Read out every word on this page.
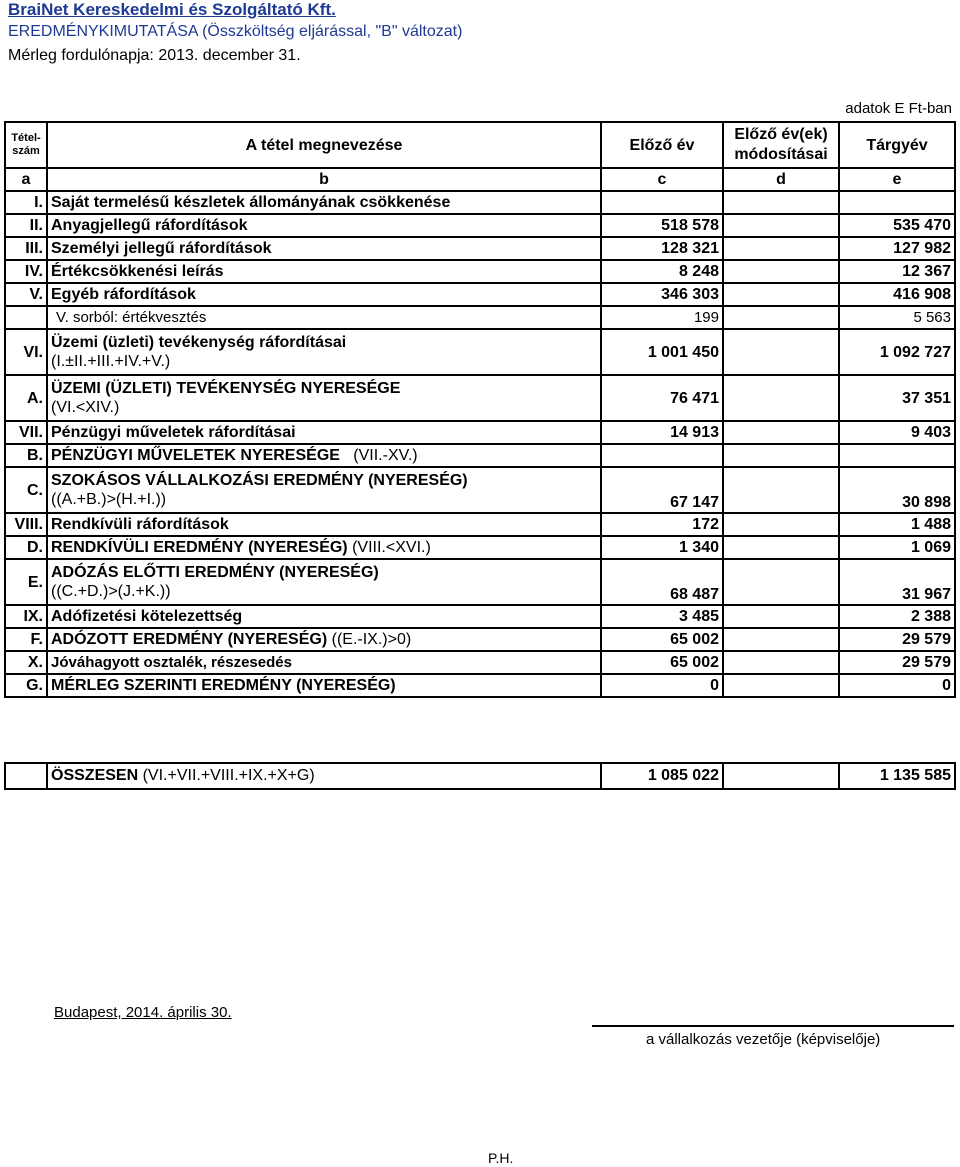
BraiNet Kereskedelmi és Szolgáltató Kft.
EREDMÉNYKIMUTATÁSA (Összköltség eljárással, "B" változat)
Mérleg fordulónapja: 2013. december 31.
adatok E Ft-ban
Tétel-
szám	A tétel megnevezése	Előző év	Előző év(ek) módosításai	Tárgyév
a	b	c	d	e
I.	Saját termelésű készletek állományának csökkenése			
II.	Anyagjellegű ráfordítások	518 578		535 470
III.	Személyi jellegű ráfordítások	128 321		127 982
IV.	Értékcsökkenési leírás	8 248		12 367
V.	Egyéb ráfordítások	346 303		416 908
	V. sorból: értékvesztés	199		5 563
VI.	Üzemi (üzleti) tevékenység ráfordításai
(I.±II.+III.+IV.+V.)	1 001 450		1 092 727
A.	ÜZEMI (ÜZLETI) TEVÉKENYSÉG NYERESÉGE
(VI.<XIV.)	76 471		37 351
VII.	Pénzügyi műveletek ráfordításai	14 913		9 403
B.	PÉNZÜGYI MŰVELETEK NYERESÉGE (VII.-XV.)			
C.	SZOKÁSOS VÁLLALKOZÁSI EREDMÉNY (NYERESÉG)
((A.+B.)>(H.+I.))	67 147		30 898
VIII.	Rendkívüli ráfordítások	172		1 488
D.	RENDKÍVÜLI EREDMÉNY (NYERESÉG) (VIII.<XVI.)	1 340		1 069
E.	ADÓZÁS ELŐTTI EREDMÉNY (NYERESÉG)
((C.+D.)>(J.+K.))	68 487		31 967
IX.	Adófizetési kötelezettség	3 485		2 388
F.	ADÓZOTT EREDMÉNY (NYERESÉG) ((E.-IX.)>0)	65 002		29 579
X.	Jóváhagyott osztalék, részesedés	65 002		29 579
G.	MÉRLEG SZERINTI EREDMÉNY (NYERESÉG)	0		0
	ÖSSZESEN (VI.+VII.+VIII.+IX.+X+G)	1 085 022		1 135 585
Budapest, 2014. április 30.
a vállalkozás vezetője (képviselője)
P.H.
